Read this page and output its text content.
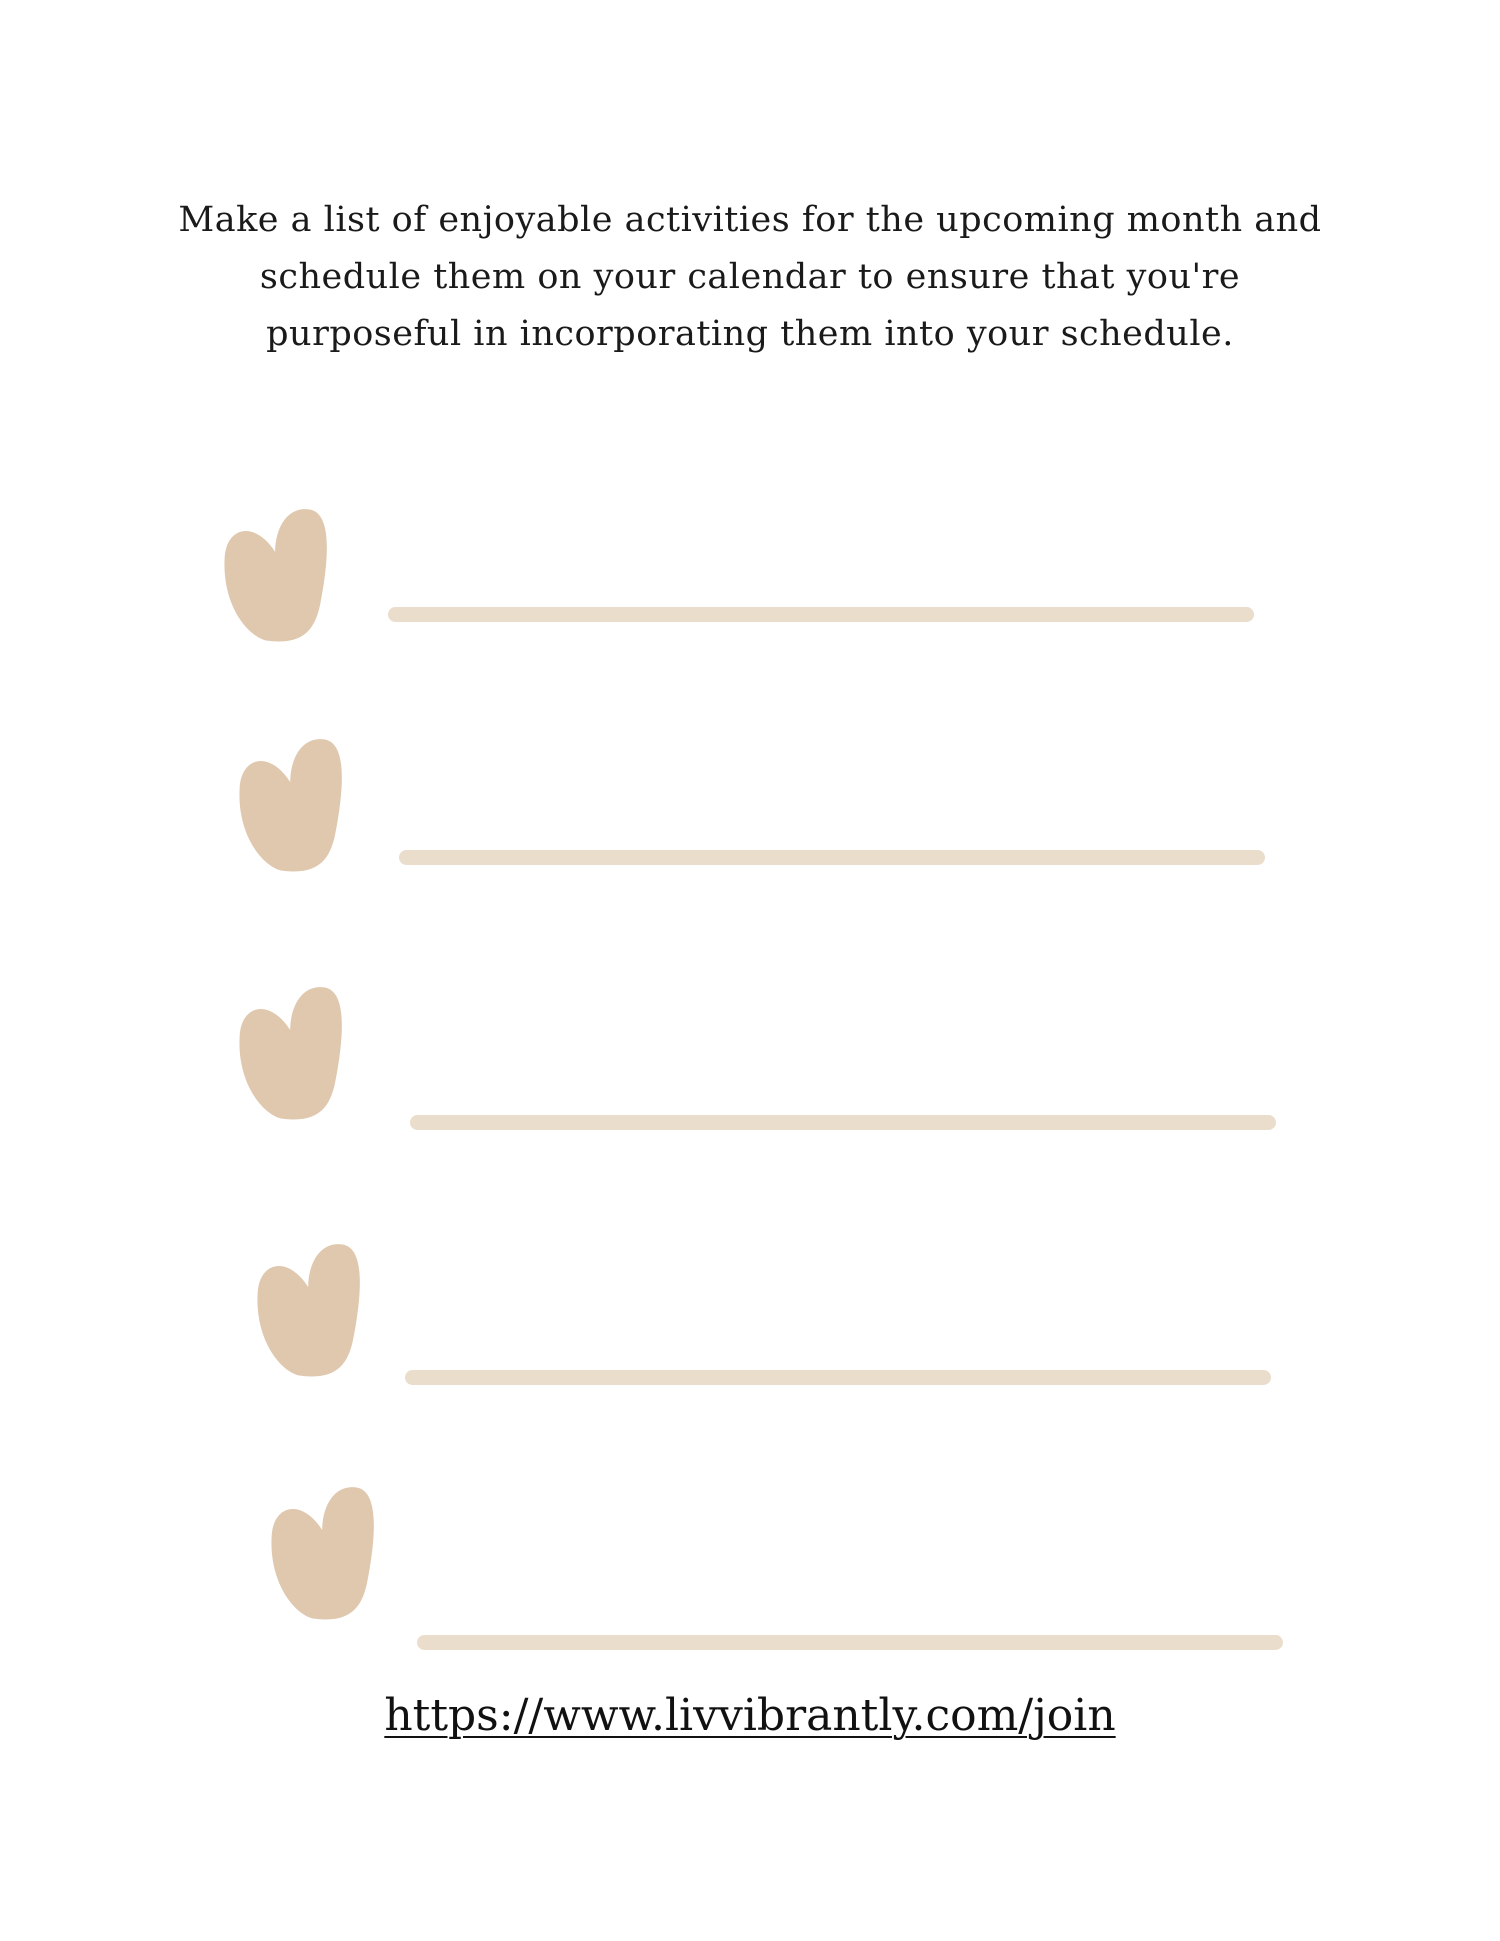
Make a list of enjoyable activities for the upcoming month and
schedule them on your calendar to ensure that you're
purposeful in incorporating them into your schedule.

https://www.livvibrantly.com/join
